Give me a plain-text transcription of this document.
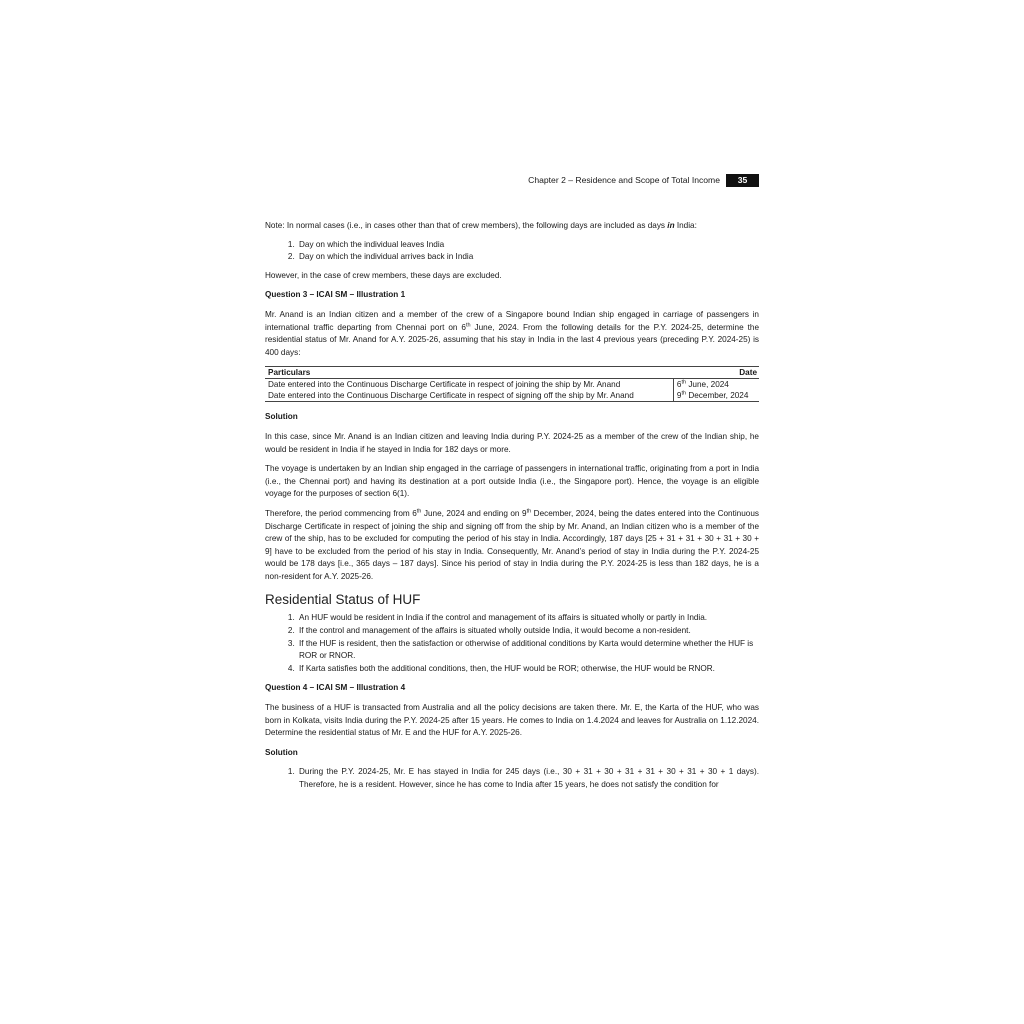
Chapter 2 – Residence and Scope of Total Income	35

Note: In normal cases (i.e., in cases other than that of crew members), the following days are included as days in India:

1. Day on which the individual leaves India
2. Day on which the individual arrives back in India

However, in the case of crew members, these days are excluded.

Question 3 – ICAI SM – Illustration 1

Mr. Anand is an Indian citizen and a member of the crew of a Singapore bound Indian ship engaged in carriage of passengers in international traffic departing from Chennai port on 6th June, 2024. From the following details for the P.Y. 2024-25, determine the residential status of Mr. Anand for A.Y. 2025-26, assuming that his stay in India in the last 4 previous years (preceding P.Y. 2024-25) is 400 days:

Particulars	Date
Date entered into the Continuous Discharge Certificate in respect of joining the ship by Mr. Anand	6th June, 2024
Date entered into the Continuous Discharge Certificate in respect of signing off the ship by Mr. Anand	9th December, 2024
Solution

In this case, since Mr. Anand is an Indian citizen and leaving India during P.Y. 2024-25 as a member of the crew of the Indian ship, he would be resident in India if he stayed in India for 182 days or more.

The voyage is undertaken by an Indian ship engaged in the carriage of passengers in international traffic, originating from a port in India (i.e., the Chennai port) and having its destination at a port outside India (i.e., the Singapore port). Hence, the voyage is an eligible voyage for the purposes of section 6(1).

Therefore, the period commencing from 6th June, 2024 and ending on 9th December, 2024, being the dates entered into the Continuous Discharge Certificate in respect of joining the ship and signing off from the ship by Mr. Anand, an Indian citizen who is a member of the crew of the ship, has to be excluded for computing the period of his stay in India. Accordingly, 187 days [25 + 31 + 31 + 30 + 31 + 30 + 9] have to be excluded from the period of his stay in India. Consequently, Mr. Anand’s period of stay in India during the P.Y. 2024-25 would be 178 days [i.e., 365 days – 187 days]. Since his period of stay in India during the P.Y. 2024-25 is less than 182 days, he is a non-resident for A.Y. 2025-26.

Residential Status of HUF
1. An HUF would be resident in India if the control and management of its affairs is situated wholly or partly in India.
2. If the control and management of the affairs is situated wholly outside India, it would become a non-resident.
3. If the HUF is resident, then the satisfaction or otherwise of additional conditions by Karta would determine whether the HUF is ROR or RNOR.
4. If Karta satisfies both the additional conditions, then, the HUF would be ROR; otherwise, the HUF would be RNOR.
Question 4 – ICAI SM – Illustration 4

The business of a HUF is transacted from Australia and all the policy decisions are taken there. Mr. E, the Karta of the HUF, who was born in Kolkata, visits India during the P.Y. 2024-25 after 15 years. He comes to India on 1.4.2024 and leaves for Australia on 1.12.2024. Determine the residential status of Mr. E and the HUF for A.Y. 2025-26.

Solution
1. During the P.Y. 2024-25, Mr. E has stayed in India for 245 days (i.e., 30 + 31 + 30 + 31 + 31 + 30 + 31 + 30 + 1 days). Therefore, he is a resident. However, since he has come to India after 15 years, he does not satisfy the condition for
